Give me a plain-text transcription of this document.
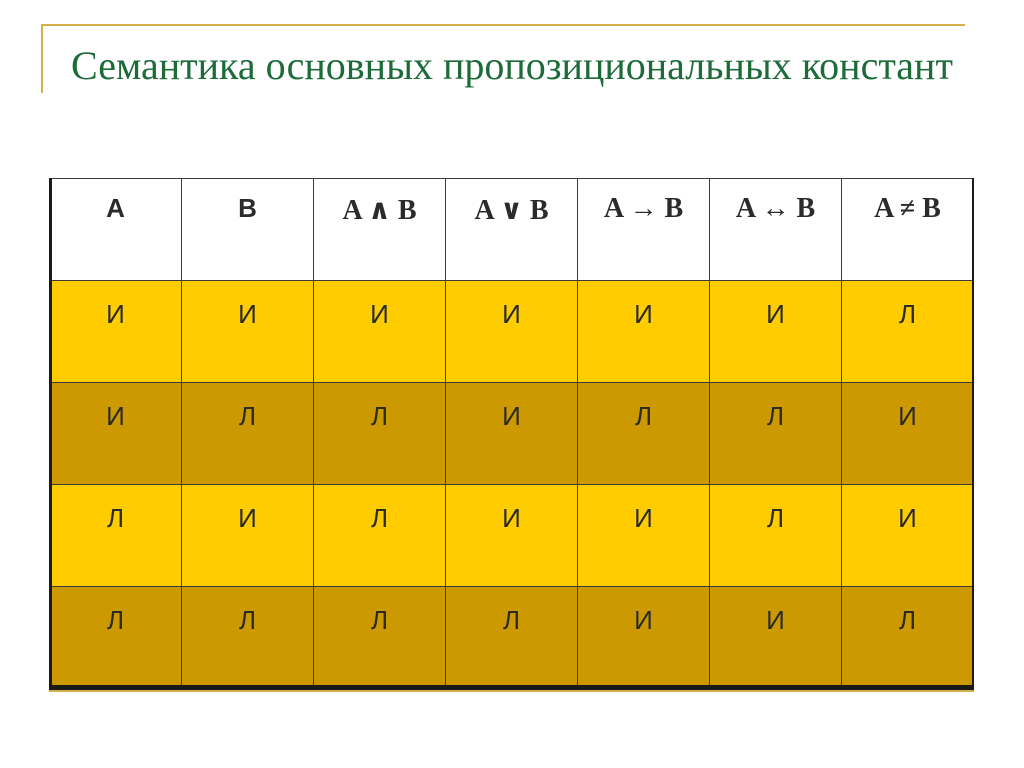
Семантика основных пропозициональных констант
A	B	A ∧ B	A ∨ B	A → B	A ↔ B	A ≠ B

И	И	И	И	И	И	Л

И	Л	Л	И	Л	Л	И

Л	И	Л	И	И	Л	И

Л	Л	Л	Л	И	И	Л
